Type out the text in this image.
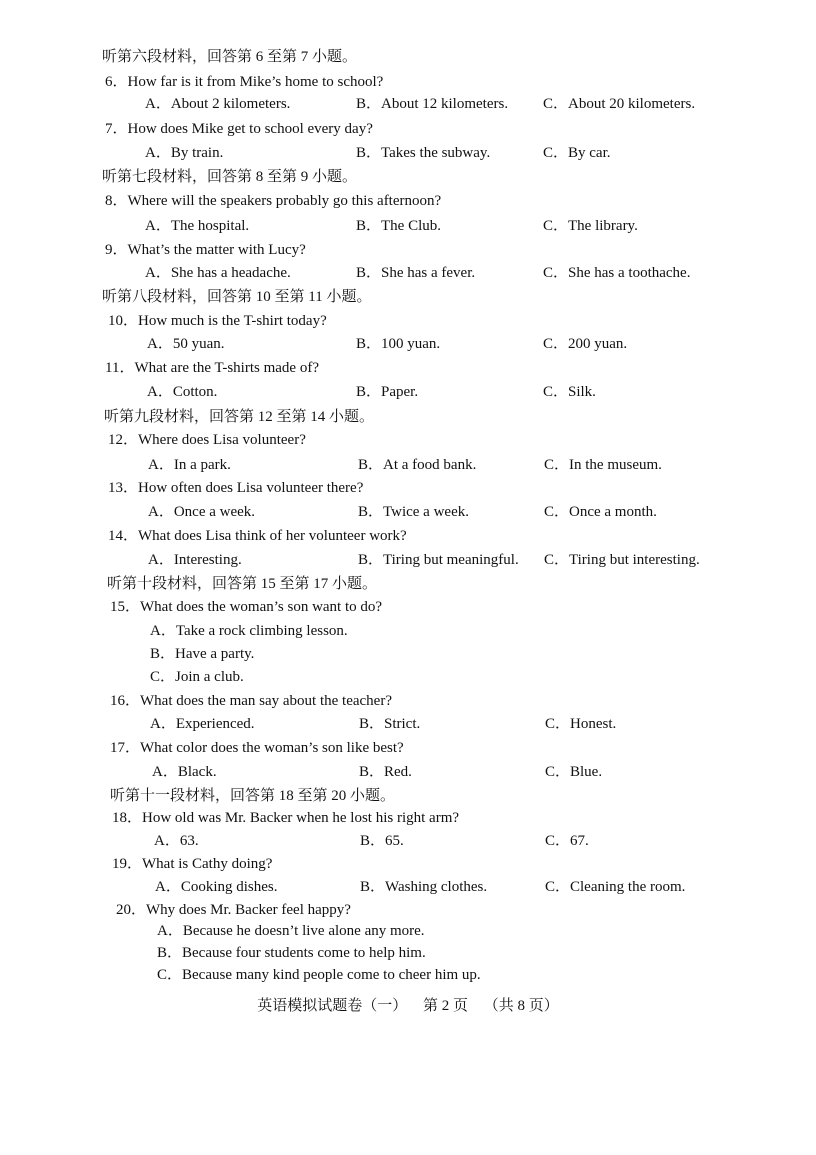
听第六段材料，回答第 6 至第 7 小题。
6．How far is it from Mike’s home to school?
A．About 2 kilometers.	B．About 12 kilometers. C．About 20 kilometers.
7．How does Mike get to school every day?
A．By train.	B．Takes the subway.	C．By car.
听第七段材料，回答第 8 至第 9 小题。
8．Where will the speakers probably go this afternoon?
A．The hospital.	B．The Club.	C．The library.
9．What’s the matter with Lucy?
A．She has a headache.	B．She has a fever.	C．She has a toothache.
听第八段材料，回答第 10 至第 11 小题。
10．How much is the T-shirt today?
A．50 yuan.	B．100 yuan.	C．200 yuan.
11．What are the T-shirts made of?
A．Cotton.	B．Paper.	C．Silk.
听第九段材料，回答第 12 至第 14 小题。
12．Where does Lisa volunteer?
A．In a park.	B．At a food bank.	C．In the museum.
13．How often does Lisa volunteer there?
A．Once a week.	B．Twice a week.	C．Once a month.
14．What does Lisa think of her volunteer work?
A．Interesting.	B．Tiring but meaningful. C．Tiring but interesting.
听第十段材料，回答第 15 至第 17 小题。
15．What does the woman’s son want to do?
A．Take a rock climbing lesson.
B．Have a party.
C．Join a club.
16．What does the man say about the teacher?
A．Experienced.	B．Strict.	C．Honest.
17．What color does the woman’s son like best?
A．Black.	B．Red.	C．Blue.
听第十一段材料，回答第 18 至第 20 小题。
18．How old was Mr. Backer when he lost his right arm?
A．63.	B．65.	C．67.
19．What is Cathy doing?
A．Cooking dishes.	B．Washing clothes.	C．Cleaning the room.
20．Why does Mr. Backer feel happy?
A．Because he doesn’t live alone any more.
B．Because four students come to help him.
C．Because many kind people come to cheer him up.
英语模拟试题卷（一） 第 2 页 （共 8 页）
